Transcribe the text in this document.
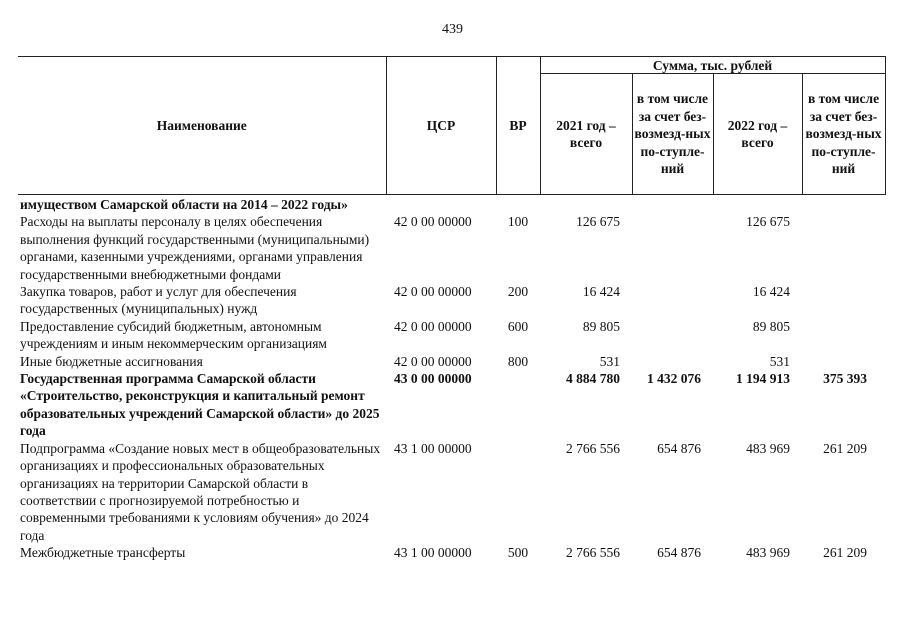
439
Наименование	ЦСР	ВР	Сумма, тыс. рублей			
			2021 год – всего	в том числе за счет без-возмезд-ных по-ступле-ний	2022 год – всего	в том числе за счет без-возмезд-ных по-ступле-ний
имуществом Самарской области на 2014 – 2022 годы»						
Расходы на выплаты персоналу в целях обеспечения выполнения функций государственными (муниципальными) органами, казенными учреждениями, органами управления государственными внебюджетными фондами	42 0 00 00000	100	126 675		126 675	
Закупка товаров, работ и услуг для обеспечения государственных (муниципальных) нужд	42 0 00 00000	200	16 424		16 424	
Предоставление субсидий бюджетным, автономным учреждениям и иным некоммерческим организациям	42 0 00 00000	600	89 805		89 805	
Иные бюджетные ассигнования	42 0 00 00000	800	531		531	
Государственная программа Самарской области «Строительство, реконструкция и капитальный ремонт образовательных учреждений Самарской области» до 2025 года	43 0 00 00000		4 884 780	1 432 076	1 194 913	375 393
Подпрограмма «Создание новых мест в общеобразовательных организациях и профессиональных образовательных организациях на территории Самарской области в соответствии с прогнозируемой потребностью и современными требованиями к условиям обучения» до 2024 года	43 1 00 00000		2 766 556	654 876	483 969	261 209
Межбюджетные трансферты	43 1 00 00000	500	2 766 556	654 876	483 969	261 209
